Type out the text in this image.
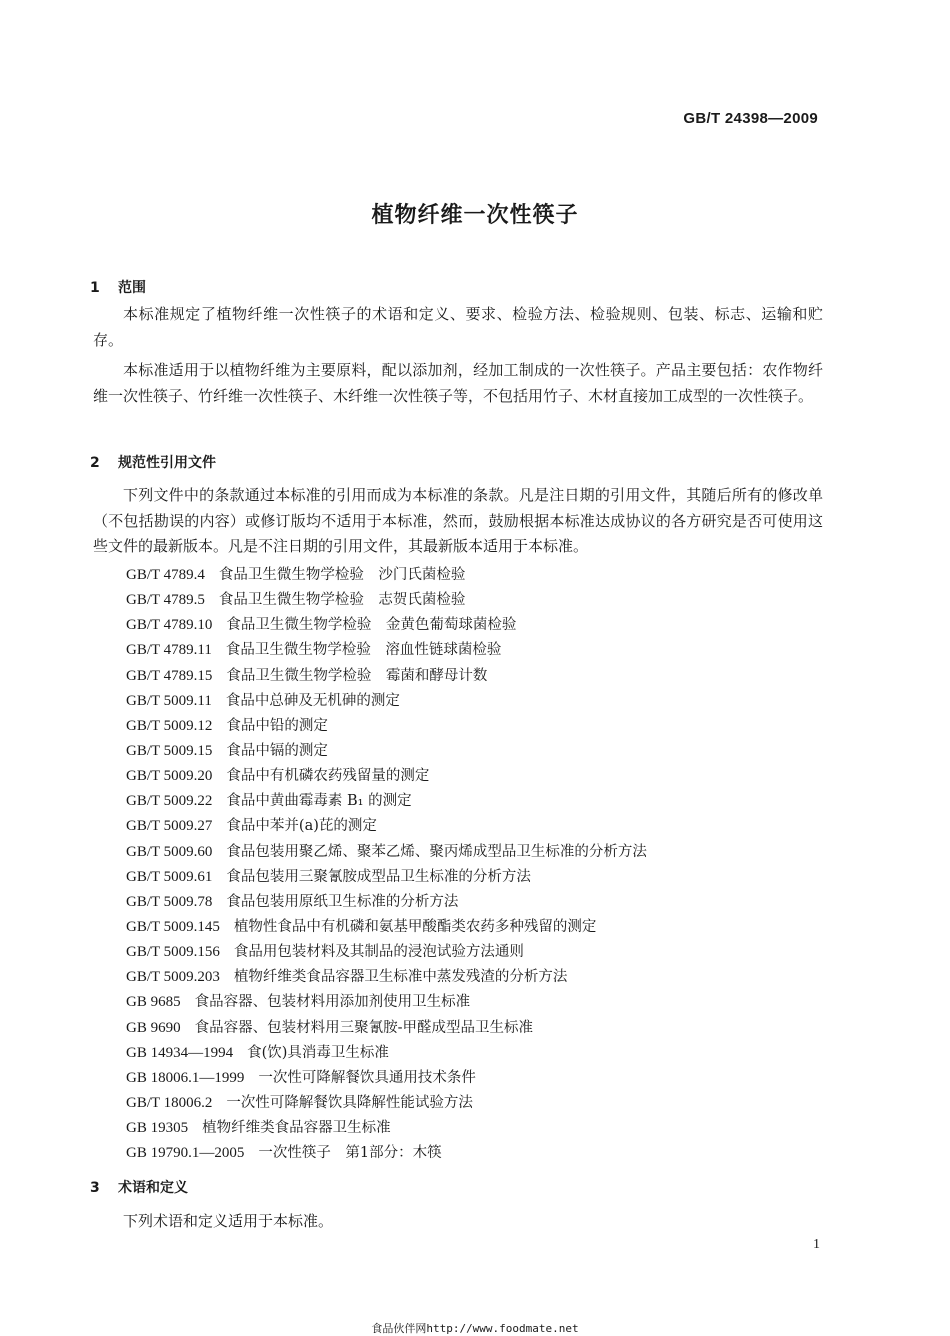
GB/T 24398—2009
植物纤维一次性筷子
1 范围
本标准规定了植物纤维一次性筷子的术语和定义、要求、检验方法、检验规则、包装、标志、运输和贮存。
本标准适用于以植物纤维为主要原料，配以添加剂，经加工制成的一次性筷子。产品主要包括：农作物纤维一次性筷子、竹纤维一次性筷子、木纤维一次性筷子等，不包括用竹子、木材直接加工成型的一次性筷子。
2 规范性引用文件
下列文件中的条款通过本标准的引用而成为本标准的条款。凡是注日期的引用文件，其随后所有的修改单（不包括勘误的内容）或修订版均不适用于本标准，然而，鼓励根据本标准达成协议的各方研究是否可使用这些文件的最新版本。凡是不注日期的引用文件，其最新版本适用于本标准。
GB/T 4789.4 食品卫生微生物学检验　沙门氏菌检验
GB/T 4789.5 食品卫生微生物学检验　志贺氏菌检验
GB/T 4789.10 食品卫生微生物学检验　金黄色葡萄球菌检验
GB/T 4789.11 食品卫生微生物学检验　溶血性链球菌检验
GB/T 4789.15 食品卫生微生物学检验　霉菌和酵母计数
GB/T 5009.11 食品中总砷及无机砷的测定
GB/T 5009.12 食品中铅的测定
GB/T 5009.15 食品中镉的测定
GB/T 5009.20 食品中有机磷农药残留量的测定
GB/T 5009.22 食品中黄曲霉毒素 B₁ 的测定
GB/T 5009.27 食品中苯并(a)芘的测定
GB/T 5009.60 食品包装用聚乙烯、聚苯乙烯、聚丙烯成型品卫生标准的分析方法
GB/T 5009.61 食品包装用三聚氰胺成型品卫生标准的分析方法
GB/T 5009.78 食品包装用原纸卫生标准的分析方法
GB/T 5009.145 植物性食品中有机磷和氨基甲酸酯类农药多种残留的测定
GB/T 5009.156 食品用包装材料及其制品的浸泡试验方法通则
GB/T 5009.203 植物纤维类食品容器卫生标准中蒸发残渣的分析方法
GB 9685 食品容器、包装材料用添加剂使用卫生标准
GB 9690 食品容器、包装材料用三聚氰胺-甲醛成型品卫生标准
GB 14934—1994 食(饮)具消毒卫生标准
GB 18006.1—1999 一次性可降解餐饮具通用技术条件
GB/T 18006.2 一次性可降解餐饮具降解性能试验方法
GB 19305 植物纤维类食品容器卫生标准
GB 19790.1—2005 一次性筷子　第1部分：木筷
3 术语和定义
下列术语和定义适用于本标准。
1
食品伙伴网http://www.foodmate.net
